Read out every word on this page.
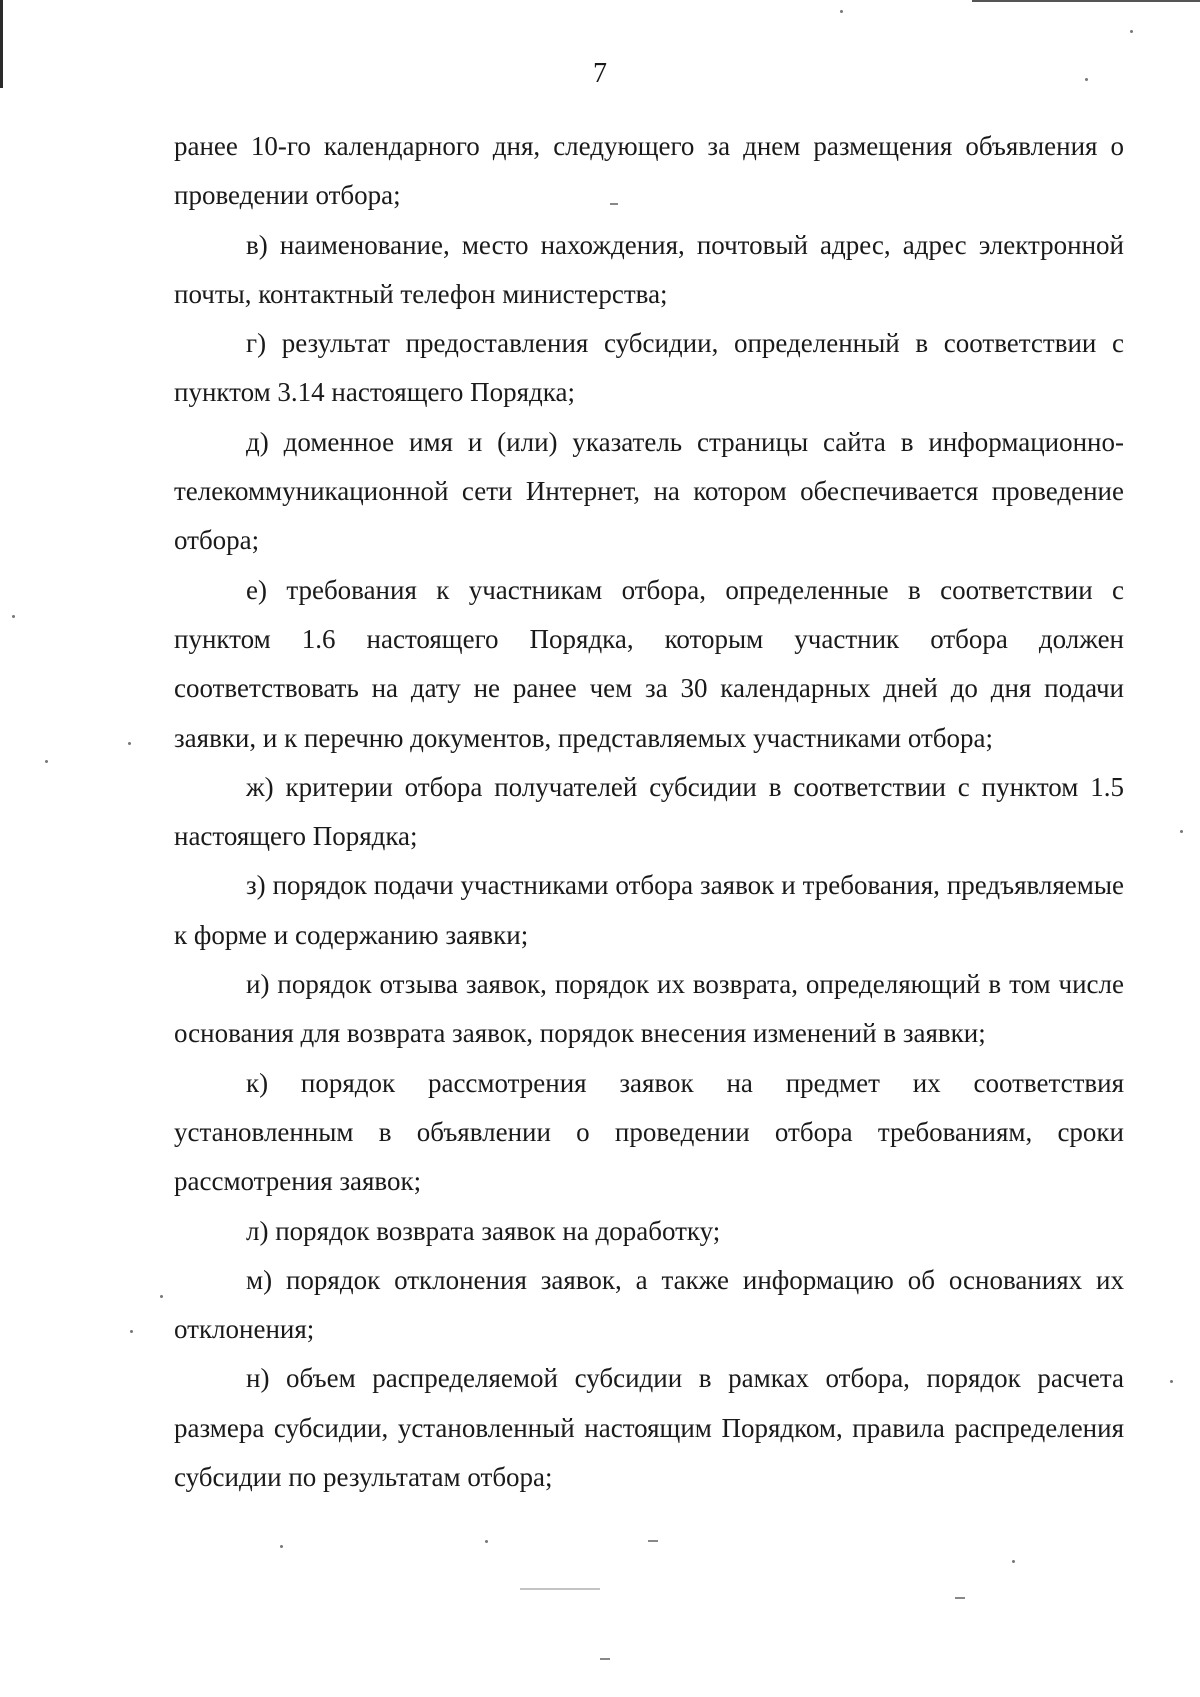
7

ранее 10-го календарного дня, следующего за днем размещения объявления о проведении отбора;

в) наименование, место нахождения, почтовый адрес, адрес электронной почты, контактный телефон министерства;

г) результат предоставления субсидии, определенный в соответствии с пунктом 3.14 настоящего Порядка;

д) доменное имя и (или) указатель страницы сайта в информационно-телекоммуникационной сети Интернет, на котором обеспечивается проведение отбора;

е) требования к участникам отбора, определенные в соответствии с пунктом 1.6 настоящего Порядка, которым участник отбора должен соответствовать на дату не ранее чем за 30 календарных дней до дня подачи заявки, и к перечню документов, представляемых участниками отбора;

ж) критерии отбора получателей субсидии в соответствии с пунктом 1.5 настоящего Порядка;

з) порядок подачи участниками отбора заявок и требования, предъявляемые к форме и содержанию заявки;

и) порядок отзыва заявок, порядок их возврата, определяющий в том числе основания для возврата заявок, порядок внесения изменений в заявки;

к) порядок рассмотрения заявок на предмет их соответствия установленным в объявлении о проведении отбора требованиям, сроки рассмотрения заявок;

л) порядок возврата заявок на доработку;

м) порядок отклонения заявок, а также информацию об основаниях их отклонения;

н) объем распределяемой субсидии в рамках отбора, порядок расчета размера субсидии, установленный настоящим Порядком, правила распределения субсидии по результатам отбора;
